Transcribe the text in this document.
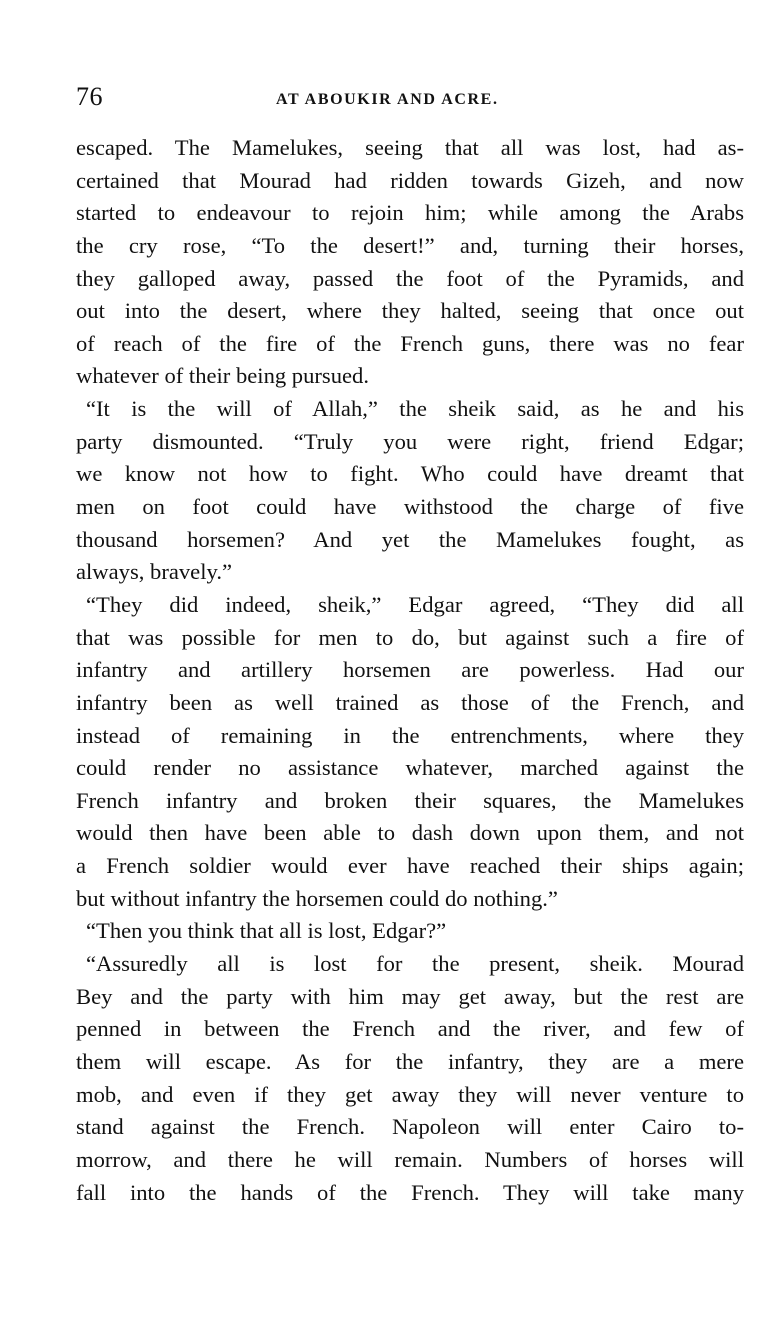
76	AT ABOUKIR AND ACRE.
escaped. The Mamelukes, seeing that all was lost, had as-
certained that Mourad had ridden towards Gizeh, and now
started to endeavour to rejoin him; while among the Arabs
the cry rose, “To the desert!” and, turning their horses,
they galloped away, passed the foot of the Pyramids, and
out into the desert, where they halted, seeing that once out
of reach of the fire of the French guns, there was no fear
whatever of their being pursued.
“It is the will of Allah,” the sheik said, as he and his
party dismounted. “Truly you were right, friend Edgar;
we know not how to fight. Who could have dreamt that
men on foot could have withstood the charge of five
thousand horsemen? And yet the Mamelukes fought, as
always, bravely.”
“They did indeed, sheik,” Edgar agreed, “They did all
that was possible for men to do, but against such a fire of
infantry and artillery horsemen are powerless. Had our
infantry been as well trained as those of the French, and
instead of remaining in the entrenchments, where they
could render no assistance whatever, marched against the
French infantry and broken their squares, the Mamelukes
would then have been able to dash down upon them, and not
a French soldier would ever have reached their ships again;
but without infantry the horsemen could do nothing.”
“Then you think that all is lost, Edgar?”
“Assuredly all is lost for the present, sheik. Mourad
Bey and the party with him may get away, but the rest are
penned in between the French and the river, and few of
them will escape. As for the infantry, they are a mere
mob, and even if they get away they will never venture to
stand against the French. Napoleon will enter Cairo to-
morrow, and there he will remain. Numbers of horses will
fall into the hands of the French. They will take many
